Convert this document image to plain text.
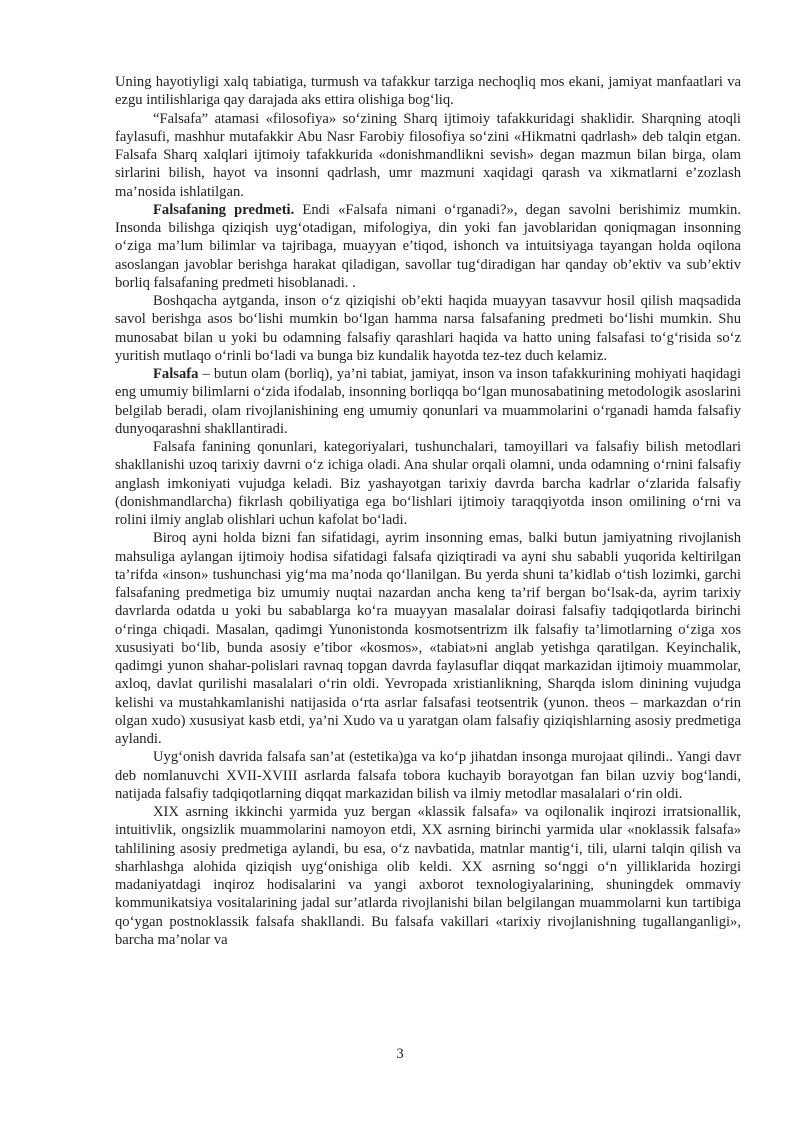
Uning hayotiyligi xalq tabiatiga, turmush va tafakkur tarziga nechoqliq mos ekani, jamiyat manfaatlari va ezgu intilishlariga qay darajada aks ettira olishiga bog‘liq.

“Falsafa” atamasi «filosofiya» so‘zining Sharq ijtimoiy tafakkuridagi shaklidir. Sharqning atoqli faylasufi, mashhur mutafakkir Abu Nasr Farobiy filosofiya so‘zini «Hikmatni qadrlash» deb talqin etgan. Falsafa Sharq xalqlari ijtimoiy tafakkurida «donishmandlikni sevish» degan mazmun bilan birga, olam sirlarini bilish, hayot va insonni qadrlash, umr mazmuni xaqidagi qarash va xikmatlarni e’zozlash ma’nosida ishlatilgan.

Falsafaning predmeti. Endi «Falsafa nimani o‘rganadi?», degan savolni berishimiz mumkin. Insonda bilishga qiziqish uyg‘otadigan, mifologiya, din yoki fan javoblaridan qoniqmagan insonning o‘ziga ma’lum bilimlar va tajribaga, muayyan e’tiqod, ishonch va intuitsiyaga tayangan holda oqilona asoslangan javoblar berishga harakat qiladigan, savollar tug‘diradigan har qanday ob’ektiv va sub’ektiv borliq falsafaning predmeti hisoblanadi. .

Boshqacha aytganda, inson o‘z qiziqishi ob’ekti haqida muayyan tasavvur hosil qilish maqsadida savol berishga asos bo‘lishi mumkin bo‘lgan hamma narsa falsafaning predmeti bo‘lishi mumkin. Shu munosabat bilan u yoki bu odamning falsafiy qarashlari haqida va hatto uning falsafasi to‘g‘risida so‘z yuritish mutlaqo o‘rinli bo‘ladi va bunga biz kundalik hayotda tez-tez duch kelamiz.

Falsafa – butun olam (borliq), ya’ni tabiat, jamiyat, inson va inson tafakkurining mohiyati haqidagi eng umumiy bilimlarni o‘zida ifodalab, insonning borliqqa bo‘lgan munosabatining metodologik asoslarini belgilab beradi, olam rivojlanishining eng umumiy qonunlari va muammolarini o‘rganadi hamda falsafiy dunyoqarashni shakllantiradi.

Falsafa fanining qonunlari, kategoriyalari, tushunchalari, tamoyillari va falsafiy bilish metodlari shakllanishi uzoq tarixiy davrni o‘z ichiga oladi. Ana shular orqali olamni, unda odamning o‘rnini falsafiy anglash imkoniyati vujudga keladi. Biz yashayotgan tarixiy davrda barcha kadrlar o‘zlarida falsafiy (donishmandlarcha) fikrlash qobiliyatiga ega bo‘lishlari ijtimoiy taraqqiyotda inson omilining o‘rni va rolini ilmiy anglab olishlari uchun kafolat bo‘ladi.

Biroq ayni holda bizni fan sifatidagi, ayrim insonning emas, balki butun jamiyatning rivojlanish mahsuliga aylangan ijtimoiy hodisa sifatidagi falsafa qiziqtiradi va ayni shu sababli yuqorida keltirilgan ta’rifda «inson» tushunchasi yig‘ma ma’noda qo‘llanilgan. Bu yerda shuni ta’kidlab o‘tish lozimki, garchi falsafaning predmetiga biz umumiy nuqtai nazardan ancha keng ta’rif bergan bo‘lsak-da, ayrim tarixiy davrlarda odatda u yoki bu sabablarga ko‘ra muayyan masalalar doirasi falsafiy tadqiqotlarda birinchi o‘ringa chiqadi. Masalan, qadimgi Yunonistonda kosmotsentrizm ilk falsafiy ta’limotlarning o‘ziga xos xususiyati bo‘lib, bunda asosiy e’tibor «kosmos», «tabiat»ni anglab yetishga qaratilgan. Keyinchalik, qadimgi yunon shahar-polislari ravnaq topgan davrda faylasuflar diqqat markazidan ijtimoiy muammolar, axloq, davlat qurilishi masalalari o‘rin oldi. Yevropada xristianlikning, Sharqda islom dinining vujudga kelishi va mustahkamlanishi natijasida o‘rta asrlar falsafasi teotsentrik (yunon. theos – markazdan o‘rin olgan xudo) xususiyat kasb etdi, ya’ni Xudo va u yaratgan olam falsafiy qiziqishlarning asosiy predmetiga aylandi.

Uyg‘onish davrida falsafa san’at (estetika)ga va ko‘p jihatdan insonga murojaat qilindi.. Yangi davr deb nomlanuvchi XVII-XVIII asrlarda falsafa tobora kuchayib borayotgan fan bilan uzviy bog‘landi, natijada falsafiy tadqiqotlarning diqqat markazidan bilish va ilmiy metodlar masalalari o‘rin oldi.

XIX asrning ikkinchi yarmida yuz bergan «klassik falsafa» va oqilonalik inqirozi irratsionallik, intuitivlik, ongsizlik muammolarini namoyon etdi, XX asrning birinchi yarmida ular «noklassik falsafa» tahlilining asosiy predmetiga aylandi, bu esa, o‘z navbatida, matnlar mantig‘i, tili, ularni talqin qilish va sharhlashga alohida qiziqish uyg‘onishiga olib keldi. XX asrning so‘nggi o‘n yilliklarida hozirgi madaniyatdagi inqiroz hodisalarini va yangi axborot texnologiyalarining, shuningdek ommaviy kommunikatsiya vositalarining jadal sur’atlarda rivojlanishi bilan belgilangan muammolarni kun tartibiga qo‘ygan postnoklassik falsafa shakllandi. Bu falsafa vakillari «tarixiy rivojlanishning tugallanganligi», barcha ma’nolar va

3
